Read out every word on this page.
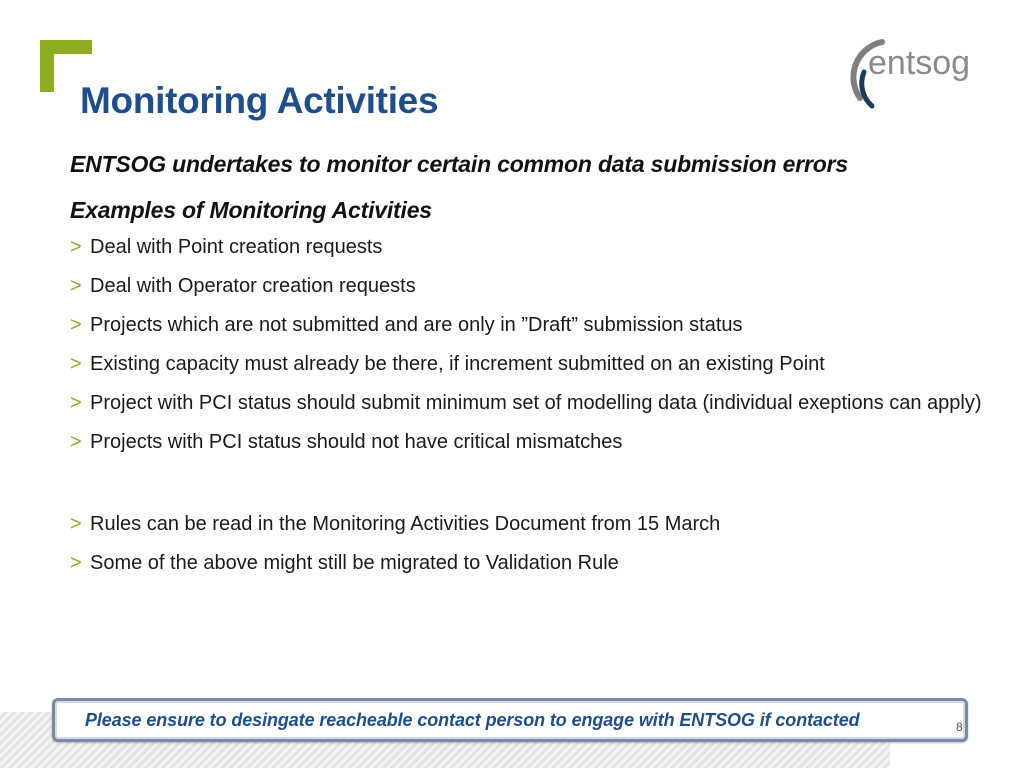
entsog
Monitoring Activities

ENTSOG undertakes to monitor certain common data submission errors

Examples of Monitoring Activities

> Deal with Point creation requests
> Deal with Operator creation requests
> Projects which are not submitted and are only in ”Draft” submission status
> Existing capacity must already be there, if increment submitted on an existing Point
> Project with PCI status should submit minimum set of modelling data (individual exeptions can apply)
> Projects with PCI status should not have critical mismatches
> Rules can be read in the Monitoring Activities Document from 15 March
> Some of the above might still be migrated to Validation Rule
Please ensure to desingate reacheable contact person to engage with ENTSOG if contacted	8
